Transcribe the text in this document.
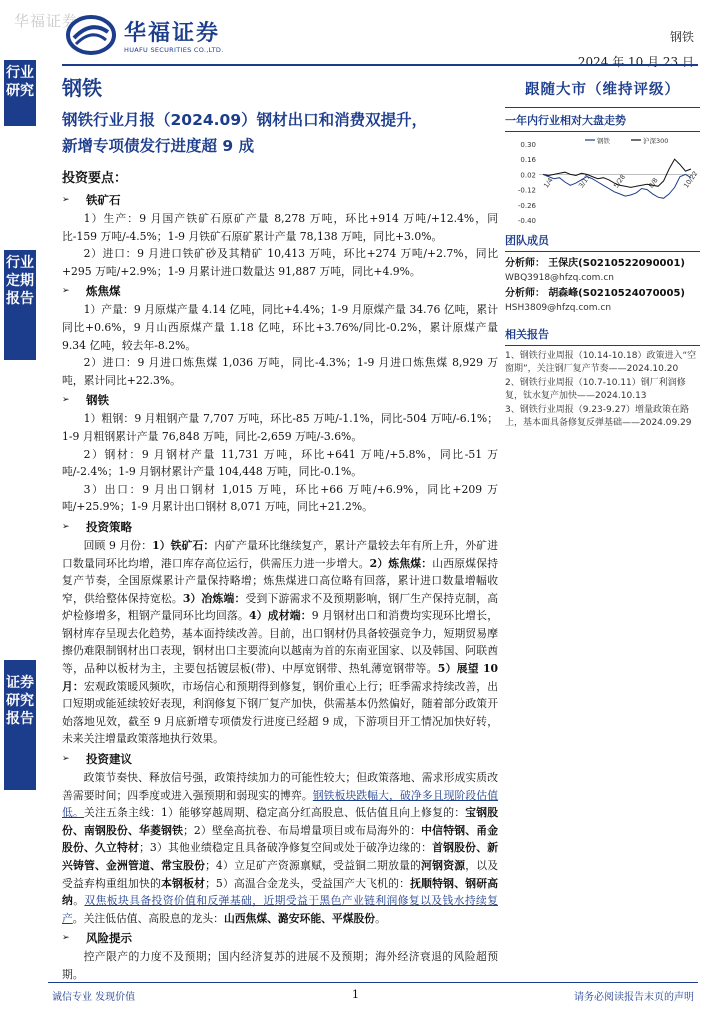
华福证券 华福证券
HUAFU SECURITIES CO.,LTD.
钢铁
2024 年 10 月 23 日
行业研究
行业定期报告
证券研究报告
钢铁
钢铁行业月报（2024.09）钢材出口和消费双提升，
新增专项债发行进度超 9 成
投资要点：
➢	铁矿石
1）生产：9 月国产铁矿石原矿产量 8,278 万吨，环比+914 万吨/+12.4%，同比-159 万吨/-4.5%；1-9 月铁矿石原矿累计产量 78,138 万吨，同比+3.0%。
2）进口：9 月进口铁矿砂及其精矿 10,413 万吨，环比+274 万吨/+2.7%，同比+295 万吨/+2.9%；1-9 月累计进口数量达 91,887 万吨，同比+4.9%。
➢	炼焦煤
1）产量：9 月原煤产量 4.14 亿吨，同比+4.4%；1-9 月原煤产量 34.76 亿吨，累计同比+0.6%，9 月山西原煤产量 1.18 亿吨，环比+3.76%/同比-0.2%，累计原煤产量 9.34 亿吨，较去年-8.2%。
2）进口：9 月进口炼焦煤 1,036 万吨，同比-4.3%；1-9 月进口炼焦煤 8,929 万吨，累计同比+22.3%。
➢	钢铁
1）粗钢：9 月粗钢产量 7,707 万吨，环比-85 万吨/-1.1%，同比-504 万吨/-6.1%；1-9 月粗钢累计产量 76,848 万吨，同比-2,659 万吨/-3.6%。
2）钢材：9 月钢材产量 11,731 万吨，环比+641 万吨/+5.8%，同比-51 万吨/-2.4%；1-9 月钢材累计产量 104,448 万吨，同比-0.1%。
3）出口：9 月出口钢材 1,015 万吨，环比+66 万吨/+6.9%，同比+209 万吨/+25.9%；1-9 月累计出口钢材 8,071 万吨，同比+21.2%。
➢	投资策略
回顾 9 月份：1）铁矿石：内矿产量环比继续复产，累计产量较去年有所上升，外矿进口数量同环比均增，港口库存高位运行，供需压力进一步增大。2）炼焦煤：山西原煤保持复产节奏，全国原煤累计产量保持略增；炼焦煤进口高位略有回落，累计进口数量增幅收窄，供给整体保持宽松。3）冶炼端：受到下游需求不及预期影响，钢厂生产保持克制，高炉检修增多，粗钢产量同环比均回落。4）成材端：9 月钢材出口和消费均实现环比增长，钢材库存呈现去化趋势，基本面持续改善。目前，出口钢材仍具备较强竞争力，短期贸易摩擦仍难限制钢材出口表现，钢材出口主要流向以越南为首的东南亚国家、以及韩国、阿联酋等，品种以板材为主，主要包括镀层板(带)、中厚宽钢带、热轧薄宽钢带等。5）展望 10 月：宏观政策暖风频吹，市场信心和预期得到修复，钢价重心上行；旺季需求持续改善，出口短期或能延续较好表现，利润修复下钢厂复产加快，供需基本仍然偏好，随着部分政策开始落地见效，截至 9 月底新增专项债发行进度已经超 9 成，下游项目开工情况加快好转，未来关注增量政策落地执行效果。
➢	投资建议
政策节奏快、释放信号强，政策持续加力的可能性较大；但政策落地、需求形成实质改善需要时间；四季度或进入强预期和弱现实的博弈。钢铁板块跌幅大，破净多且现阶段估值低。关注五条主线：1）能够穿越周期、稳定高分红高股息、低估值且向上修复的：宝钢股份、南钢股份、华菱钢铁；2）壁垒高抗卷、布局增量项目或布局海外的：中信特钢、甬金股份、久立特材；3）其他业绩稳定且具备破净修复空间或处于破净边缘的：首钢股份、新兴铸管、金洲管道、常宝股份；4）立足矿产资源禀赋，受益铜二期放量的河钢资源，以及受益弃构重组加快的本钢板材；5）高温合金龙头，受益国产大飞机的：抚顺特钢、钢研高纳。双焦板块具备投资价值和反弹基础，近期受益于黑色产业链利润修复以及钱水持续复产。关注低估值、高股息的龙头：山西焦煤、潞安环能、平煤股份。
➢	风险提示
控产限产的力度不及预期；国内经济复苏的进展不及预期；海外经济衰退的风险超预期。
跟随大市（维持评级）
一年内行业相对大盘走势
0.30
0.16
0.02
-0.12
-0.26
-0.40
钢铁	沪深300
1/4	3/17	5/28	8/8	10/22
团队成员
分析师： 王保庆(S0210522090001)
WBQ3918@hfzq.com.cn
分析师： 胡森峰(S0210524070005)
HSH3809@hfzq.com.cn
相关报告
1、钢铁行业周报（10.14-10.18）政策进入“空窗期”，关注钢厂复产节奏——2024.10.20
2、钢铁行业周报（10.7-10.11）钢厂利润修复，钛水复产加快——2024.10.13
3、钢铁行业周报（9.23-9.27）增量政策在路上，基本面具备修复反弹基础——2024.09.29
诚信专业 发现价值	1	请务必阅读报告末页的声明
